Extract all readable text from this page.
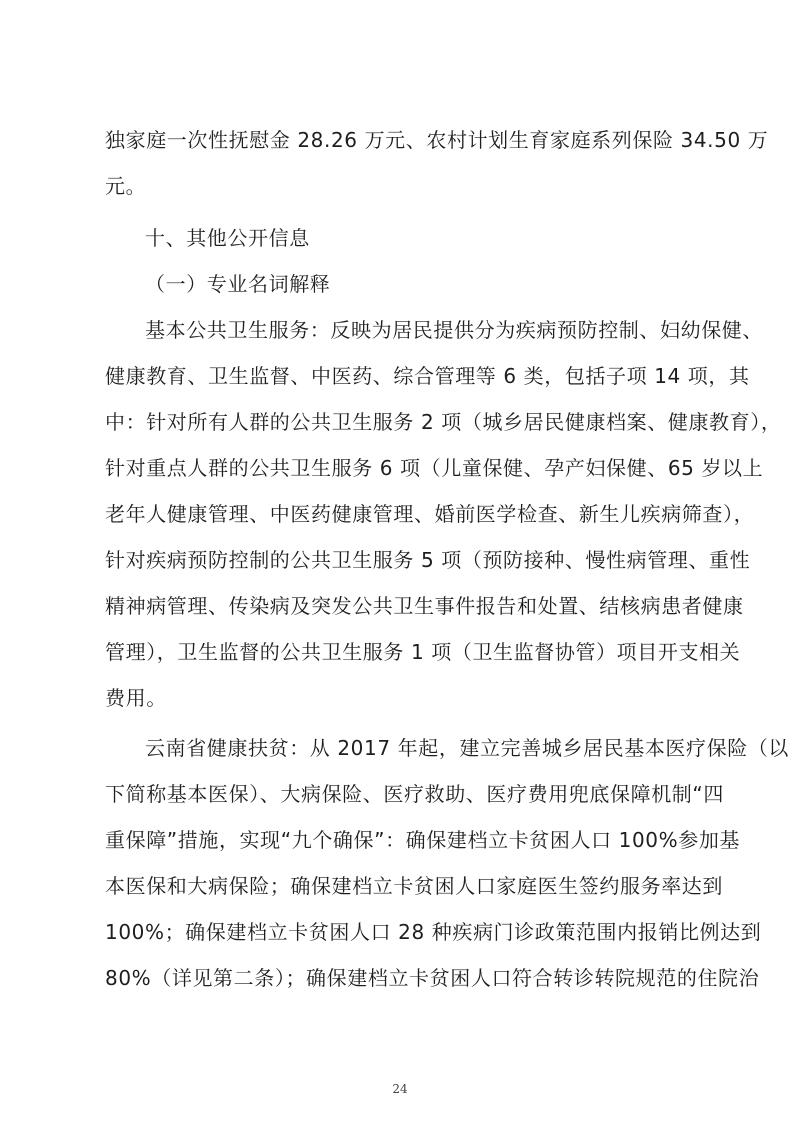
独家庭一次性抚慰金 28.26 万元、农村计划生育家庭系列保险 34.50 万
元。
十、其他公开信息
（一）专业名词解释
基本公共卫生服务：反映为居民提供分为疾病预防控制、妇幼保健、
健康教育、卫生监督、中医药、综合管理等 6 类，包括子项 14 项，其
中：针对所有人群的公共卫生服务 2 项（城乡居民健康档案、健康教育），
针对重点人群的公共卫生服务 6 项（儿童保健、孕产妇保健、65 岁以上
老年人健康管理、中医药健康管理、婚前医学检查、新生儿疾病筛查），
针对疾病预防控制的公共卫生服务 5 项（预防接种、慢性病管理、重性
精神病管理、传染病及突发公共卫生事件报告和处置、结核病患者健康
管理），卫生监督的公共卫生服务 1 项（卫生监督协管）项目开支相关
费用。
云南省健康扶贫：从 2017 年起，建立完善城乡居民基本医疗保险（以
下简称基本医保）、大病保险、医疗救助、医疗费用兜底保障机制“四
重保障”措施，实现“九个确保”：确保建档立卡贫困人口 100%参加基
本医保和大病保险；确保建档立卡贫困人口家庭医生签约服务率达到
100%；确保建档立卡贫困人口 28 种疾病门诊政策范围内报销比例达到
80%（详见第二条）；确保建档立卡贫困人口符合转诊转院规范的住院治
24
